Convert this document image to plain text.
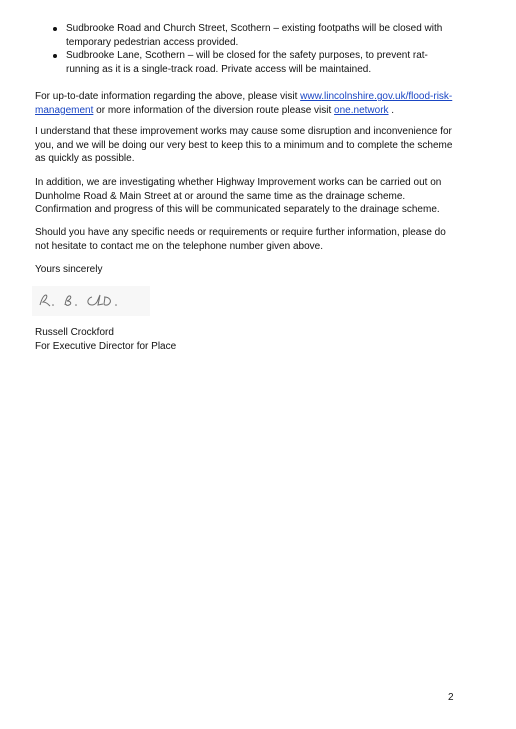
Sudbrooke Road and Church Street, Scothern – existing footpaths will be closed with temporary pedestrian access provided.
Sudbrooke Lane, Scothern – will be closed for the safety purposes, to prevent rat-running as it is a single-track road. Private access will be maintained.

For up-to-date information regarding the above, please visit www.lincolnshire.gov.uk/flood-risk-management or more information of the diversion route please visit one.network .

I understand that these improvement works may cause some disruption and inconvenience for you, and we will be doing our very best to keep this to a minimum and to complete the scheme as quickly as possible.

In addition, we are investigating whether Highway Improvement works can be carried out on Dunholme Road & Main Street at or around the same time as the drainage scheme. Confirmation and progress of this will be communicated separately to the drainage scheme.

Should you have any specific needs or requirements or require further information, please do not hesitate to contact me on the telephone number given above.

Yours sincerely

Russell Crockford
For Executive Director for Place
2
